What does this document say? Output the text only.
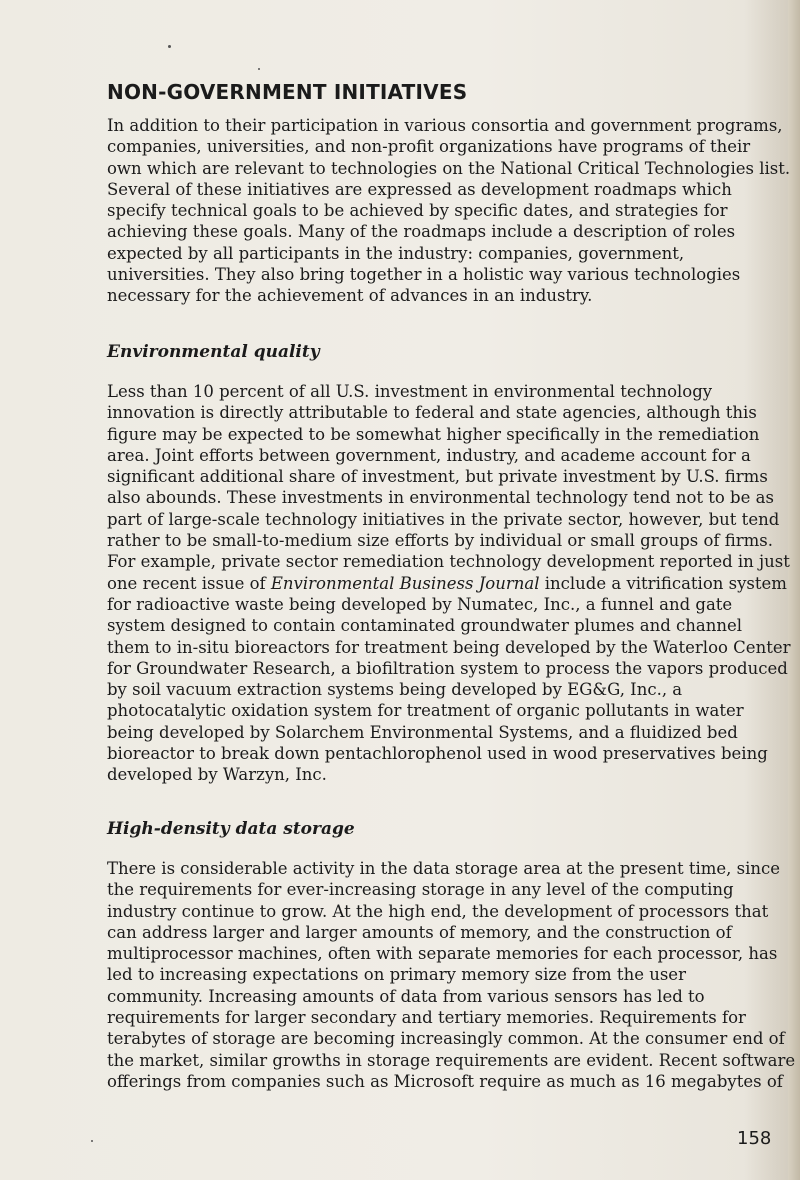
NON-GOVERNMENT INITIATIVES

In addition to their participation in various consortia and government programs,
companies, universities, and non-profit organizations have programs of their
own which are relevant to technologies on the National Critical Technologies list.
Several of these initiatives are expressed as development roadmaps which
specify technical goals to be achieved by specific dates, and strategies for
achieving these goals. Many of the roadmaps include a description of roles
expected by all participants in the industry: companies, government,
universities. They also bring together in a holistic way various technologies
necessary for the achievement of advances in an industry.

Environmental quality

Less than 10 percent of all U.S. investment in environmental technology
innovation is directly attributable to federal and state agencies, although this
figure may be expected to be somewhat higher specifically in the remediation
area. Joint efforts between government, industry, and academe account for a
significant additional share of investment, but private investment by U.S. firms
also abounds. These investments in environmental technology tend not to be as
part of large-scale technology initiatives in the private sector, however, but tend
rather to be small-to-medium size efforts by individual or small groups of firms.
For example, private sector remediation technology development reported in just
one recent issue of Environmental Business Journal include a vitrification system
for radioactive waste being developed by Numatec, Inc., a funnel and gate
system designed to contain contaminated groundwater plumes and channel
them to in-situ bioreactors for treatment being developed by the Waterloo Center
for Groundwater Research, a biofiltration system to process the vapors produced
by soil vacuum extraction systems being developed by EG&G, Inc., a
photocatalytic oxidation system for treatment of organic pollutants in water
being developed by Solarchem Environmental Systems, and a fluidized bed
bioreactor to break down pentachlorophenol used in wood preservatives being
developed by Warzyn, Inc.

High-density data storage

There is considerable activity in the data storage area at the present time, since
the requirements for ever-increasing storage in any level of the computing
industry continue to grow. At the high end, the development of processors that
can address larger and larger amounts of memory, and the construction of
multiprocessor machines, often with separate memories for each processor, has
led to increasing expectations on primary memory size from the user
community. Increasing amounts of data from various sensors has led to
requirements for larger secondary and tertiary memories. Requirements for
terabytes of storage are becoming increasingly common. At the consumer end of
the market, similar growths in storage requirements are evident. Recent software
offerings from companies such as Microsoft require as much as 16 megabytes of

158
